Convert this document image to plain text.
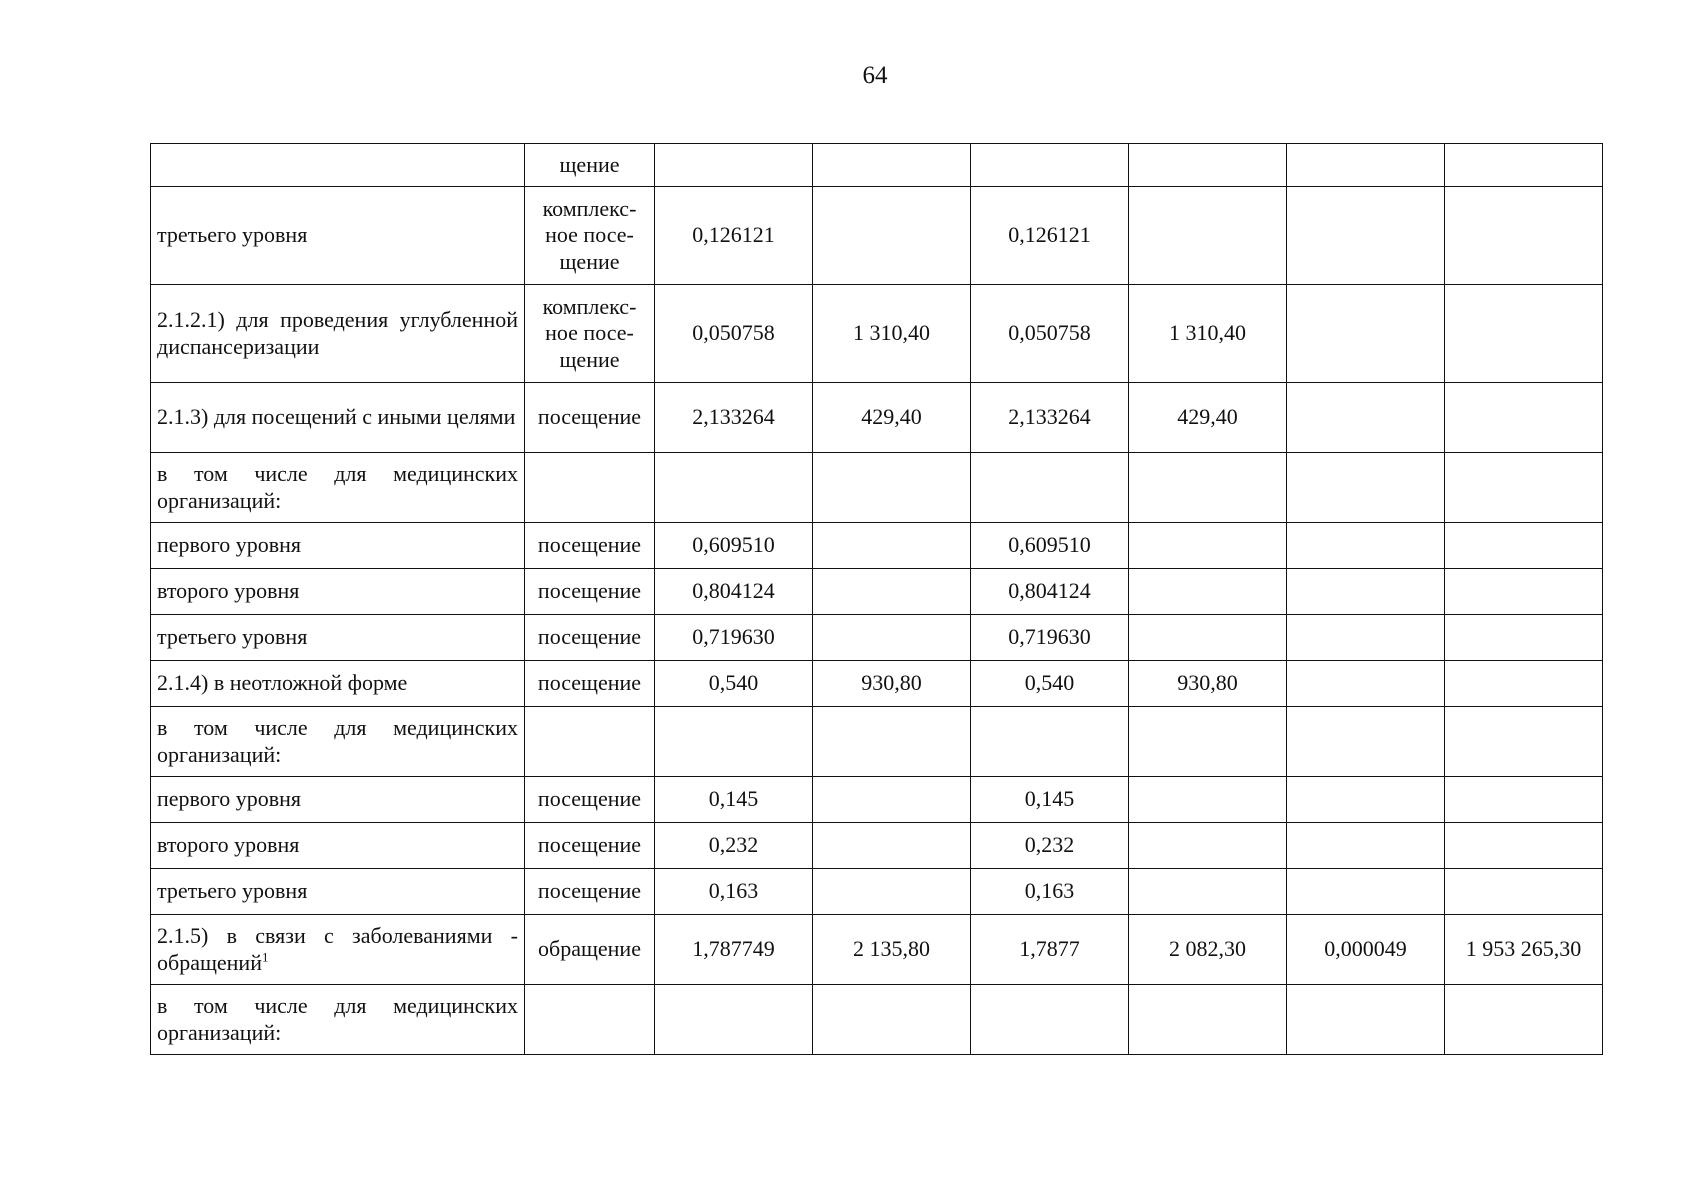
64
	щение						
третьего уровня	комплекс-ное посе-щение	0,126121		0,126121			
2.1.2.1) для проведения углубленной диспансеризации	комплекс-ное посе-щение	0,050758	1 310,40	0,050758	1 310,40		
2.1.3) для посещений с иными целями	посещение	2,133264	429,40	2,133264	429,40		
в том числе для медицинских организаций:							
первого уровня	посещение	0,609510		0,609510			
второго уровня	посещение	0,804124		0,804124			
третьего уровня	посещение	0,719630		0,719630			
2.1.4) в неотложной форме	посещение	0,540	930,80	0,540	930,80		
в том числе для медицинских организаций:							
первого уровня	посещение	0,145		0,145			
второго уровня	посещение	0,232		0,232			
третьего уровня	посещение	0,163		0,163			
2.1.5) в связи с заболеваниями - обращений$^1$	обращение	1,787749	2 135,80	1,7877	2 082,30	0,000049	1 953 265,30
в том числе для медицинских организаций:							
